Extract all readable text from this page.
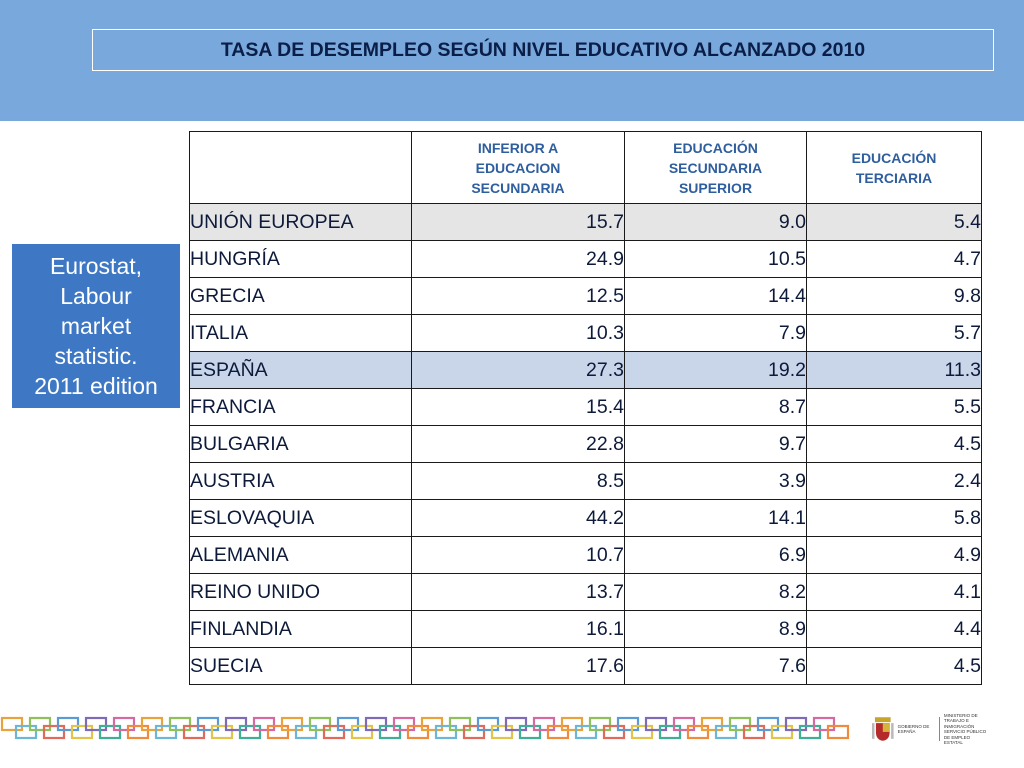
TASA DE DESEMPLEO SEGÚN NIVEL EDUCATIVO ALCANZADO 2010
Eurostat,
Labour
market
statistic.
2011 edition
	INFERIOR A
EDUCACION
SECUNDARIA	EDUCACIÓN
SECUNDARIA
SUPERIOR	EDUCACIÓN
TERCIARIA
UNIÓN EUROPEA	15.7	9.0	5.4
HUNGRÍA	24.9	10.5	4.7
GRECIA	12.5	14.4	9.8
ITALIA	10.3	7.9	5.7
ESPAÑA	27.3	19.2	11.3
FRANCIA	15.4	8.7	5.5
BULGARIA	22.8	9.7	4.5
AUSTRIA	8.5	3.9	2.4
ESLOVAQUIA	44.2	14.1	5.8
ALEMANIA	10.7	6.9	4.9
REINO UNIDO	13.7	8.2	4.1
FINLANDIA	16.1	8.9	4.4
SUECIA	17.6	7.6	4.5
GOBIERNO DE ESPAÑA
MINISTERIO DE TRABAJO E INMIGRACIÓN
SERVICIO PÚBLICO DE EMPLEO ESTATAL
